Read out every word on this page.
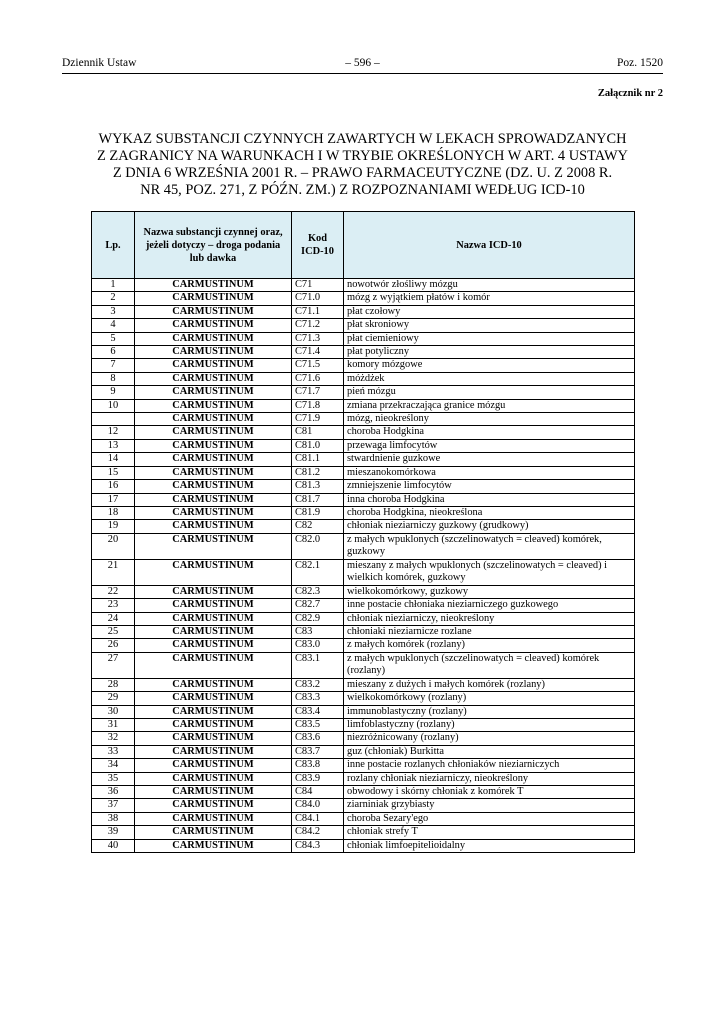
Dziennik Ustaw	– 596 –	Poz. 1520
Załącznik nr 2
WYKAZ SUBSTANCJI CZYNNYCH ZAWARTYCH W LEKACH SPROWADZANYCH
Z ZAGRANICY NA WARUNKACH I W TRYBIE OKREŚLONYCH W ART. 4 USTAWY
Z DNIA 6 WRZEŚNIA 2001 R. – PRAWO FARMACEUTYCZNE (DZ. U. Z 2008 R.
NR 45, POZ. 271, Z PÓŹN. ZM.) Z ROZPOZNANIAMI WEDŁUG ICD-10
Lp.	Nazwa substancji czynnej oraz, jeżeli dotyczy – droga podania lub dawka	Kod ICD-10	Nazwa ICD-10
1	CARMUSTINUM	C71	nowotwór złośliwy mózgu
2	CARMUSTINUM	C71.0	mózg z wyjątkiem płatów i komór
3	CARMUSTINUM	C71.1	płat czołowy
4	CARMUSTINUM	C71.2	płat skroniowy
5	CARMUSTINUM	C71.3	płat ciemieniowy
6	CARMUSTINUM	C71.4	płat potyliczny
7	CARMUSTINUM	C71.5	komory mózgowe
8	CARMUSTINUM	C71.6	móżdżek
9	CARMUSTINUM	C71.7	pień mózgu
10	CARMUSTINUM	C71.8	zmiana przekraczająca granice mózgu
	CARMUSTINUM	C71.9	mózg, nieokreślony
12	CARMUSTINUM	C81	choroba Hodgkina
13	CARMUSTINUM	C81.0	przewaga limfocytów
14	CARMUSTINUM	C81.1	stwardnienie guzkowe
15	CARMUSTINUM	C81.2	mieszanokomórkowa
16	CARMUSTINUM	C81.3	zmniejszenie limfocytów
17	CARMUSTINUM	C81.7	inna choroba Hodgkina
18	CARMUSTINUM	C81.9	choroba Hodgkina, nieokreślona
19	CARMUSTINUM	C82	chłoniak nieziarniczy guzkowy (grudkowy)
20	CARMUSTINUM	C82.0	z małych wpuklonych (szczelinowatych = cleaved) komórek, guzkowy
21	CARMUSTINUM	C82.1	mieszany z małych wpuklonych (szczelinowatych = cleaved) i wielkich komórek, guzkowy
22	CARMUSTINUM	C82.3	wielkokomórkowy, guzkowy
23	CARMUSTINUM	C82.7	inne postacie chłoniaka nieziarniczego guzkowego
24	CARMUSTINUM	C82.9	chłoniak nieziarniczy, nieokreślony
25	CARMUSTINUM	C83	chłoniaki nieziarnicze rozlane
26	CARMUSTINUM	C83.0	z małych komórek (rozlany)
27	CARMUSTINUM	C83.1	z małych wpuklonych (szczelinowatych = cleaved) komórek (rozlany)
28	CARMUSTINUM	C83.2	mieszany z dużych i małych komórek (rozlany)
29	CARMUSTINUM	C83.3	wielkokomórkowy (rozlany)
30	CARMUSTINUM	C83.4	immunoblastyczny (rozlany)
31	CARMUSTINUM	C83.5	limfoblastyczny (rozlany)
32	CARMUSTINUM	C83.6	niezróżnicowany (rozlany)
33	CARMUSTINUM	C83.7	guz (chłoniak) Burkitta
34	CARMUSTINUM	C83.8	inne postacie rozlanych chłoniaków nieziarniczych
35	CARMUSTINUM	C83.9	rozlany chłoniak nieziarniczy, nieokreślony
36	CARMUSTINUM	C84	obwodowy i skórny chłoniak z komórek T
37	CARMUSTINUM	C84.0	ziarniniak grzybiasty
38	CARMUSTINUM	C84.1	choroba Sezary'ego
39	CARMUSTINUM	C84.2	chłoniak strefy T
40	CARMUSTINUM	C84.3	chłoniak limfoepitelioidalny
